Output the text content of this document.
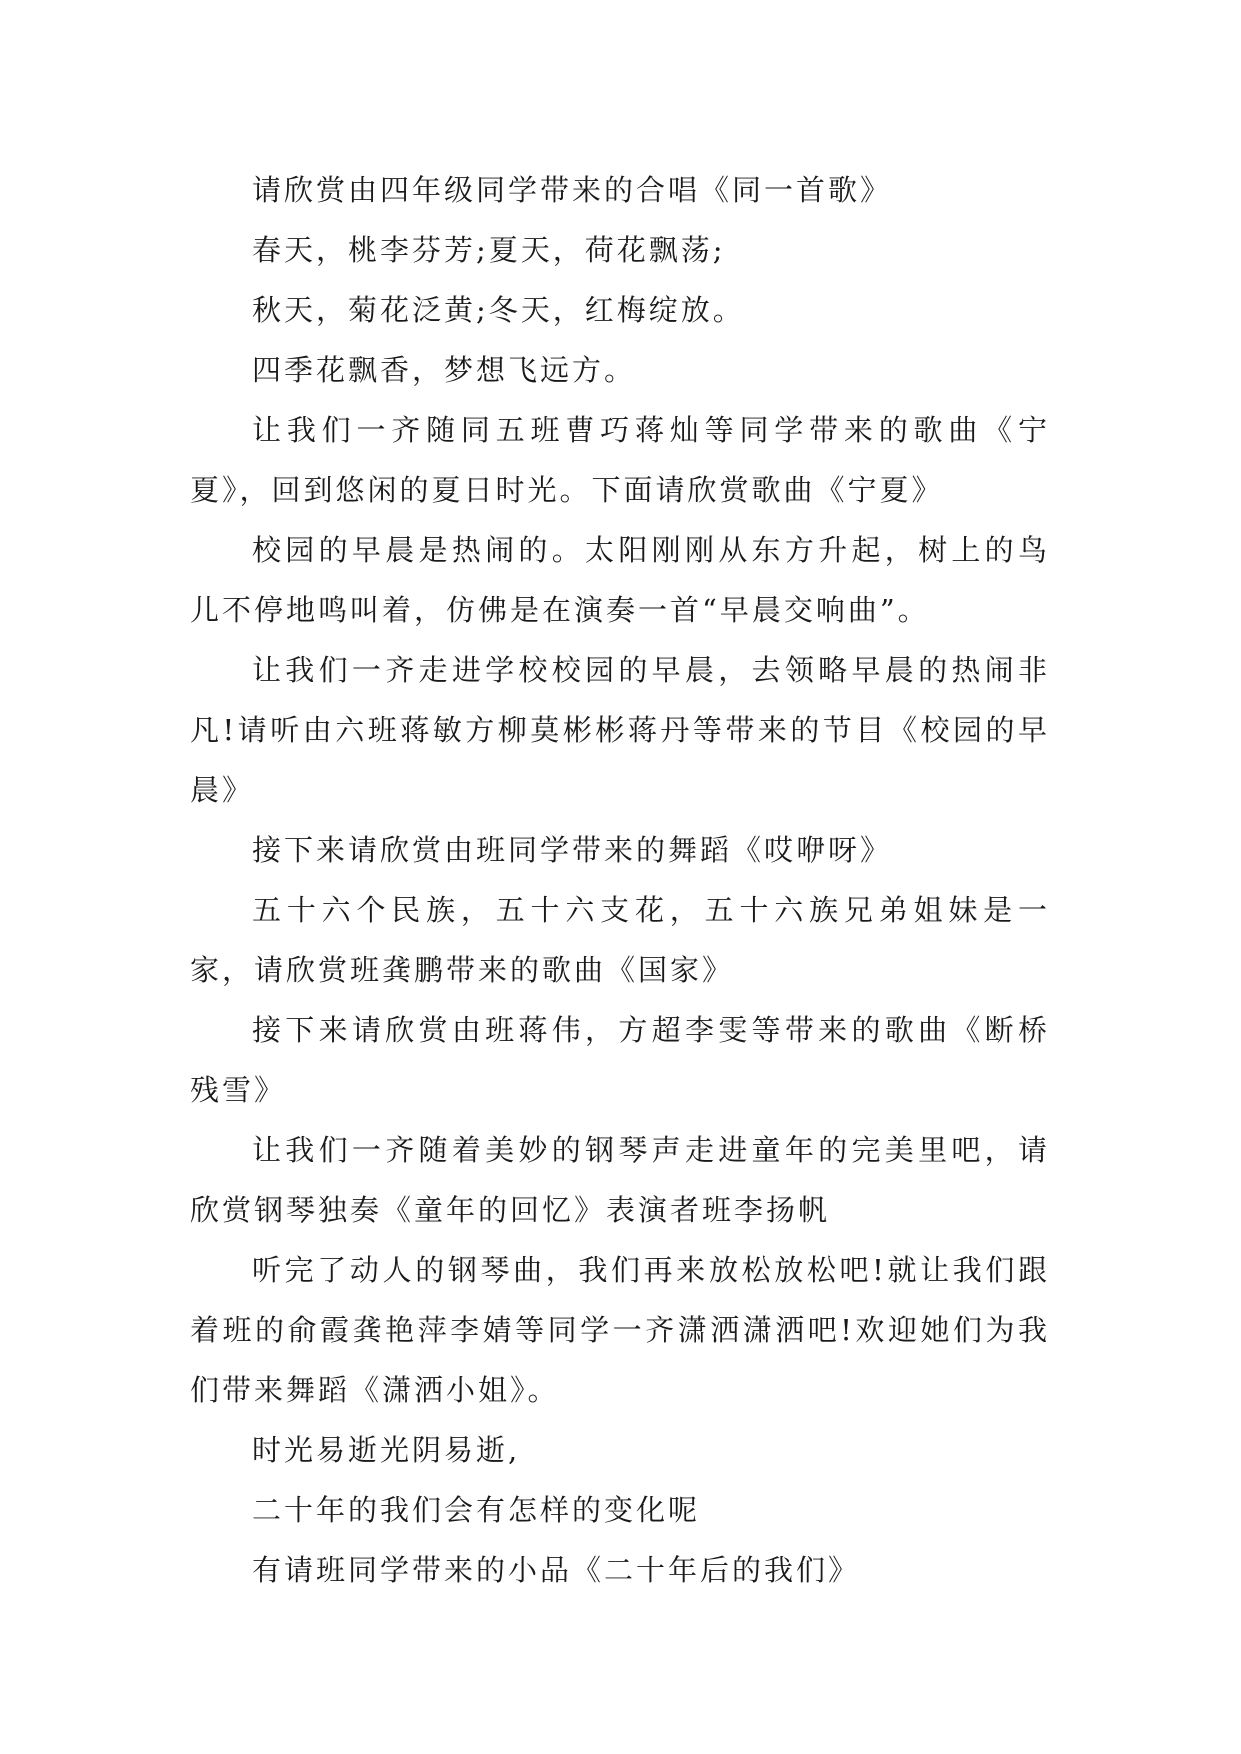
请欣赏由四年级同学带来的合唱《同一首歌》

春天，桃李芬芳;夏天，荷花飘荡;

秋天，菊花泛黄;冬天，红梅绽放。

四季花飘香，梦想飞远方。

让我们一齐随同五班曹巧蒋灿等同学带来的歌曲《宁夏》，回到悠闲的夏日时光。下面请欣赏歌曲《宁夏》

校园的早晨是热闹的。太阳刚刚从东方升起，树上的鸟儿不停地鸣叫着，仿佛是在演奏一首“早晨交响曲”。

让我们一齐走进学校校园的早晨，去领略早晨的热闹非凡!请听由六班蒋敏方柳莫彬彬蒋丹等带来的节目《校园的早晨》

接下来请欣赏由班同学带来的舞蹈《哎咿呀》

五十六个民族，五十六支花，五十六族兄弟姐妹是一家，请欣赏班龚鹏带来的歌曲《国家》

接下来请欣赏由班蒋伟，方超李雯等带来的歌曲《断桥残雪》

让我们一齐随着美妙的钢琴声走进童年的完美里吧，请欣赏钢琴独奏《童年的回忆》表演者班李扬帆

听完了动人的钢琴曲，我们再来放松放松吧!就让我们跟着班的俞霞龚艳萍李婧等同学一齐潇洒潇洒吧!欢迎她们为我们带来舞蹈《潇洒小姐》。

时光易逝光阴易逝,

二十年的我们会有怎样的变化呢

有请班同学带来的小品《二十年后的我们》
